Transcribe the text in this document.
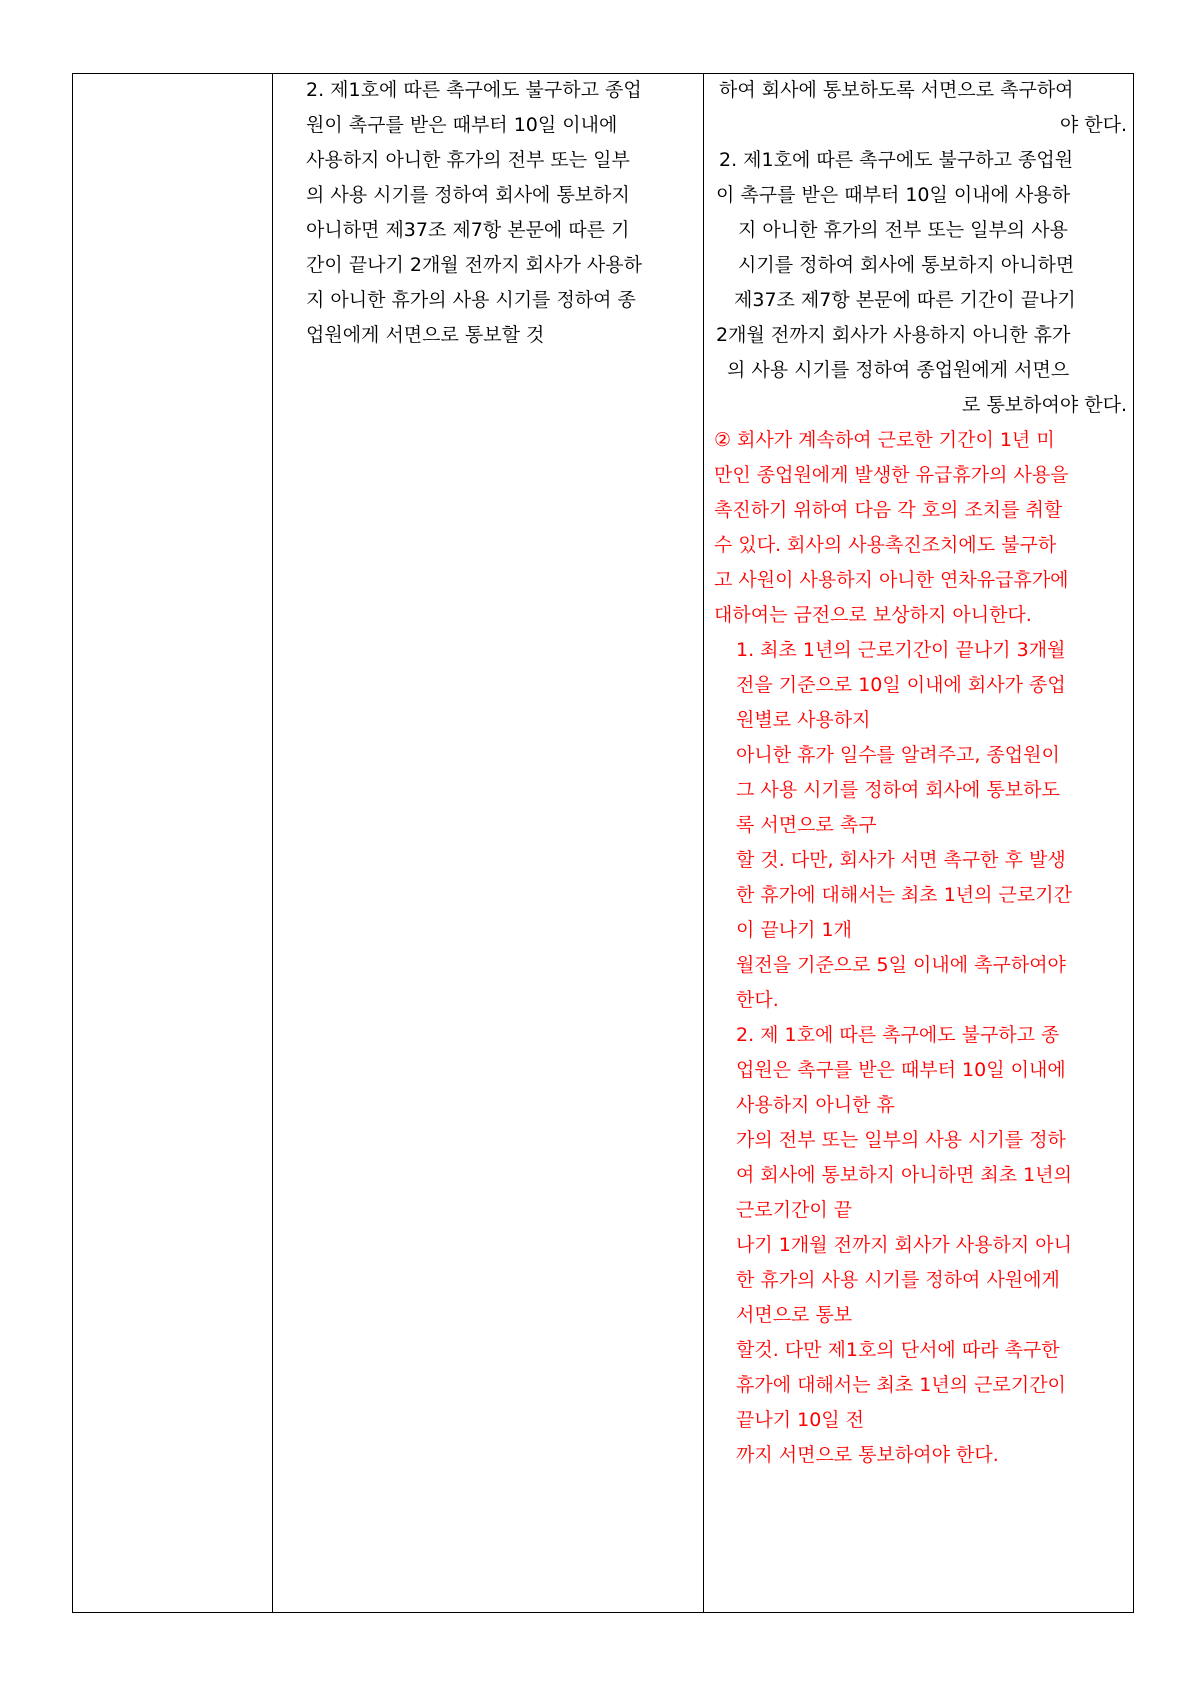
2. 제1호에 따른 촉구에도 불구하고 종업
원이 촉구를 받은 때부터 10일 이내에
사용하지 아니한 휴가의 전부 또는 일부
의 사용 시기를 정하여 회사에 통보하지
아니하면 제37조 제7항 본문에 따른 기
간이 끝나기 2개월 전까지 회사가 사용하
지 아니한 휴가의 사용 시기를 정하여 종
업원에게 서면으로 통보할 것
하여 회사에 통보하도록 서면으로 촉구하여
야 한다.
2. 제1호에 따른 촉구에도 불구하고 종업원
이 촉구를 받은 때부터 10일 이내에 사용하
지 아니한 휴가의 전부 또는 일부의 사용
시기를 정하여 회사에 통보하지 아니하면
제37조 제7항 본문에 따른 기간이 끝나기
2개월 전까지 회사가 사용하지 아니한 휴가
의 사용 시기를 정하여 종업원에게 서면으
로 통보하여야 한다.
② 회사가 계속하여 근로한 기간이 1년 미
만인 종업원에게 발생한 유급휴가의 사용을
촉진하기 위하여 다음 각 호의 조치를 취할
수 있다. 회사의 사용촉진조치에도 불구하
고 사원이 사용하지 아니한 연차유급휴가에
대하여는 금전으로 보상하지 아니한다.
1. 최초 1년의 근로기간이 끝나기 3개월
전을 기준으로 10일 이내에 회사가 종업
원별로 사용하지
아니한 휴가 일수를 알려주고, 종업원이
그 사용 시기를 정하여 회사에 통보하도
록 서면으로 촉구
할 것. 다만, 회사가 서면 촉구한 후 발생
한 휴가에 대해서는 최초 1년의 근로기간
이 끝나기 1개
월전을 기준으로 5일 이내에 촉구하여야
한다.
2. 제 1호에 따른 촉구에도 불구하고 종
업원은 촉구를 받은 때부터 10일 이내에
사용하지 아니한 휴
가의 전부 또는 일부의 사용 시기를 정하
여 회사에 통보하지 아니하면 최초 1년의
근로기간이 끝
나기 1개월 전까지 회사가 사용하지 아니
한 휴가의 사용 시기를 정하여 사원에게
서면으로 통보
할것. 다만 제1호의 단서에 따라 촉구한
휴가에 대해서는 최초 1년의 근로기간이
끝나기 10일 전
까지 서면으로 통보하여야 한다.
